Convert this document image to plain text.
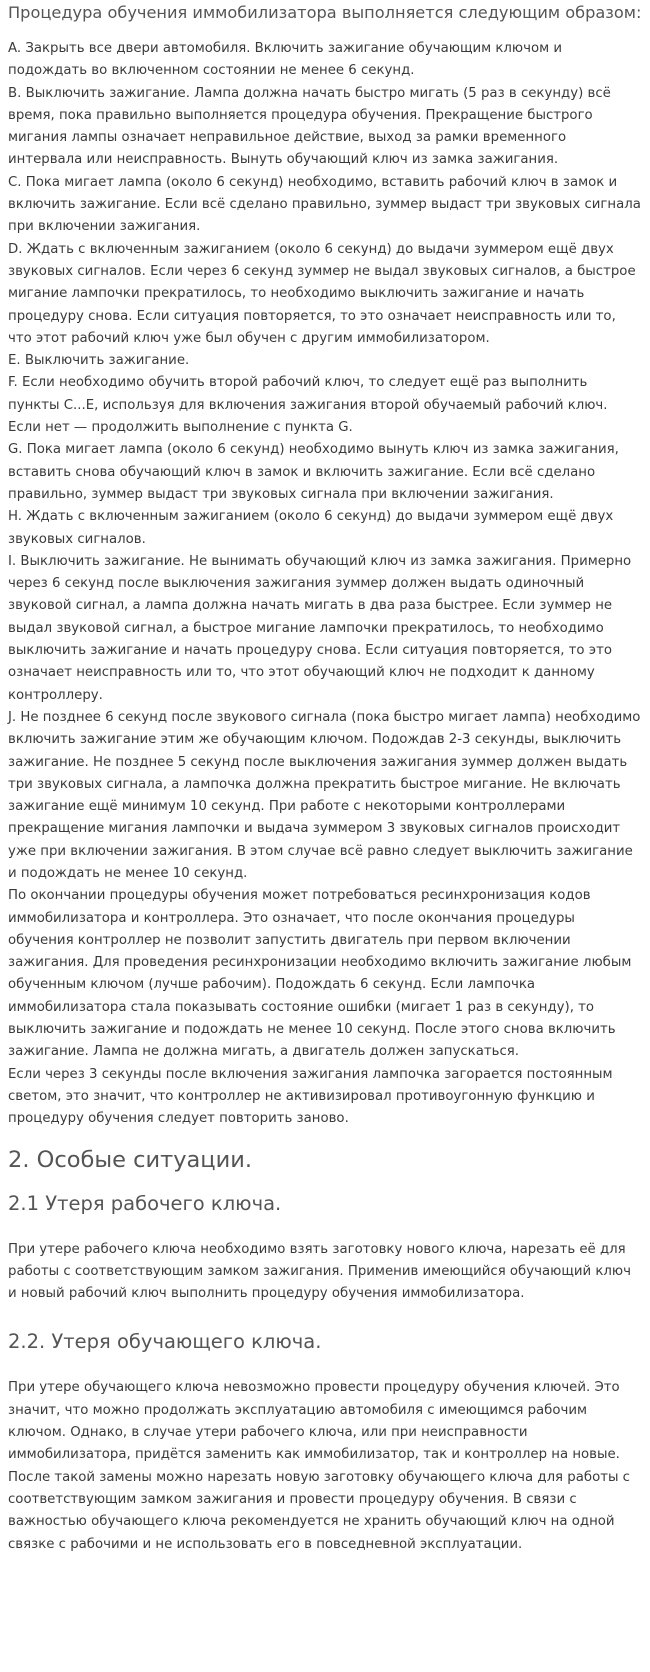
Процедура обучения иммобилизатора выполняется следующим образом:

A. Закрыть все двери автомобиля. Включить зажигание обучающим ключом и подождать во включенном состоянии не менее 6 секунд.

B. Выключить зажигание. Лампа должна начать быстро мигать (5 раз в секунду) всё время, пока правильно выполняется процедура обучения. Прекращение быстрого мигания лампы означает неправильное действие, выход за рамки временного интервала или неисправность. Вынуть обучающий ключ из замка зажигания.

C. Пока мигает лампа (около 6 секунд) необходимо, вставить рабочий ключ в замок и включить зажигание. Если всё сделано правильно, зуммер выдаст три звуковых сигнала при включении зажигания.

D. Ждать с включенным зажиганием (около 6 секунд) до выдачи зуммером ещё двух звуковых сигналов. Если через 6 секунд зуммер не выдал звуковых сигналов, а быстрое мигание лампочки прекратилось, то необходимо выключить зажигание и начать процедуру снова. Если ситуация повторяется, то это означает неисправность или то, что этот рабочий ключ уже был обучен с другим иммобилизатором.

E. Выключить зажигание.

F. Если необходимо обучить второй рабочий ключ, то следует ещё раз выполнить пункты C...E, используя для включения зажигания второй обучаемый рабочий ключ. Если нет — продолжить выполнение с пункта G.

G. Пока мигает лампа (около 6 секунд) необходимо вынуть ключ из замка зажигания, вставить снова обучающий ключ в замок и включить зажигание. Если всё сделано правильно, зуммер выдаст три звуковых сигнала при включении зажигания.

H. Ждать с включенным зажиганием (около 6 секунд) до выдачи зуммером ещё двух звуковых сигналов.

I. Выключить зажигание. Не вынимать обучающий ключ из замка зажигания. Примерно через 6 секунд после выключения зажигания зуммер должен выдать одиночный звуковой сигнал, а лампа должна начать мигать в два раза быстрее. Если зуммер не выдал звуковой сигнал, а быстрое мигание лампочки прекратилось, то необходимо выключить зажигание и начать процедуру снова. Если ситуация повторяется, то это означает неисправность или то, что этот обучающий ключ не подходит к данному контроллеру.

J. Не позднее 6 секунд после звукового сигнала (пока быстро мигает лампа) необходимо включить зажигание этим же обучающим ключом. Подождав 2-3 секунды, выключить зажигание. Не позднее 5 секунд после выключения зажигания зуммер должен выдать три звуковых сигнала, а лампочка должна прекратить быстрое мигание. Не включать зажигание ещё минимум 10 секунд. При работе с некоторыми контроллерами прекращение мигания лампочки и выдача зуммером 3 звуковых сигналов происходит уже при включении зажигания. В этом случае всё равно следует выключить зажигание и подождать не менее 10 секунд.

По окончании процедуры обучения может потребоваться ресинхронизация кодов иммобилизатора и контроллера. Это означает, что после окончания процедуры обучения контроллер не позволит запустить двигатель при первом включении зажигания. Для проведения ресинхронизации необходимо включить зажигание любым обученным ключом (лучше рабочим). Подождать 6 секунд. Если лампочка иммобилизатора стала показывать состояние ошибки (мигает 1 раз в секунду), то выключить зажигание и подождать не менее 10 секунд. После этого снова включить зажигание. Лампа не должна мигать, а двигатель должен запускаться.

Если через 3 секунды после включения зажигания лампочка загорается постоянным светом, это значит, что контроллер не активизировал противоугонную функцию и процедуру обучения следует повторить заново.

2. Особые ситуации.
2.1 Утеря рабочего ключа.

При утере рабочего ключа необходимо взять заготовку нового ключа, нарезать её для работы с соответствующим замком зажигания. Применив имеющийся обучающий ключ и новый рабочий ключ выполнить процедуру обучения иммобилизатора.

2.2. Утеря обучающего ключа.

При утере обучающего ключа невозможно провести процедуру обучения ключей. Это значит, что можно продолжать эксплуатацию автомобиля с имеющимся рабочим ключом. Однако, в случае утери рабочего ключа, или при неисправности иммобилизатора, придётся заменить как иммобилизатор, так и контроллер на новые. После такой замены можно нарезать новую заготовку обучающего ключа для работы с соответствующим замком зажигания и провести процедуру обучения. В связи с важностью обучающего ключа рекомендуется не хранить обучающий ключ на одной связке с рабочими и не использовать его в повседневной эксплуатации.
